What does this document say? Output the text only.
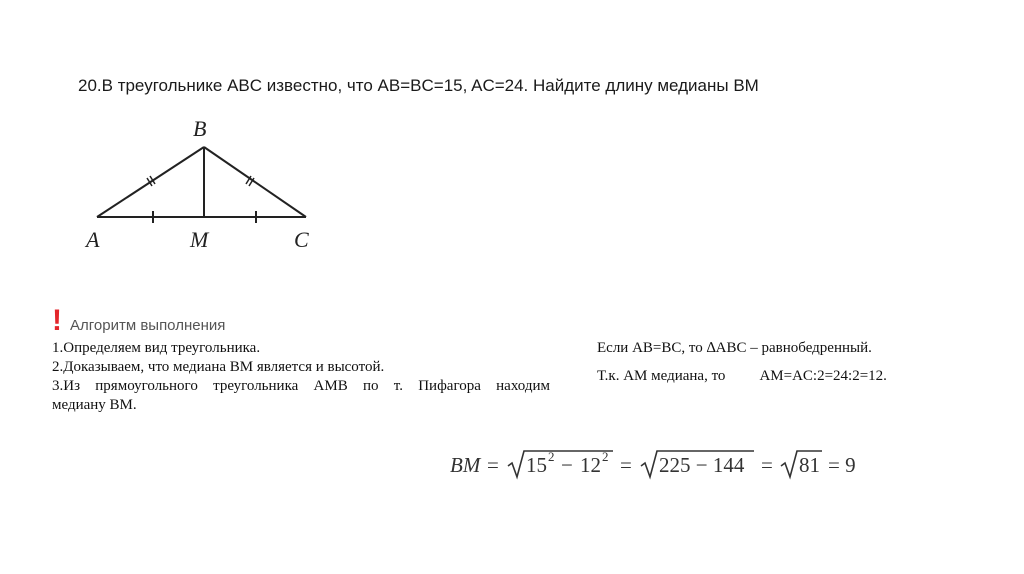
20.В треугольнике ABC известно, что AB=BC=15, AC=24. Найдите длину медианы BM
B
A	M	C
! Алгоритм выполнения
1.Определяем вид треугольника.
2.Доказываем, что медиана BM является и высотой.
3.Из прямоугольного треугольника AMB по т. Пифагора находим
медиану BM.
Если AB=BC, то ∆ABC – равнобедренный.
Т.к. AM медиана, то AM=AC:2=24:2=12.
BM = 15 2 − 12 2 = 225 − 144 = 81 = 9
